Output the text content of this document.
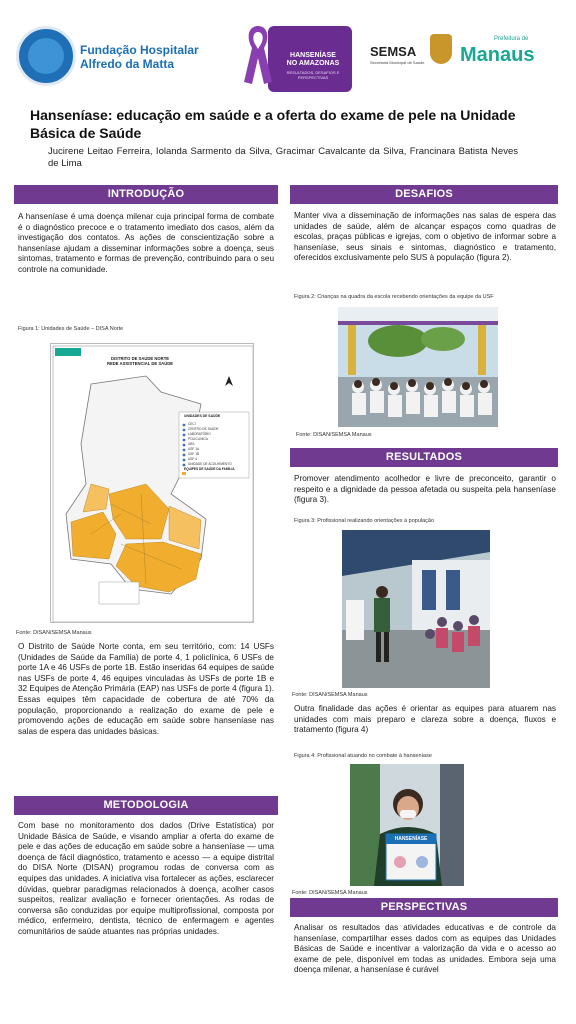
Fundação Hospitalar
Alfredo da Matta
HANSENÍASE
NO AMAZONAS
RESULTADOS, DESAFIOS E PERSPECTIVAS
SEMSA
Secretaria Municipal de Saúde
Prefeitura de
Manaus
Hanseníase: educação em saúde e a oferta do exame de pele na Unidade Básica de Saúde
Jucirene Leitao Ferreira, Iolanda Sarmento da Silva, Gracimar Cavalcante da Silva, Francinara Batista Neves de Lima
INTRODUÇÃO
A hanseníase é uma doença milenar cuja principal forma de combate é o diagnóstico precoce e o tratamento imediato dos casos, além da investigação dos contatos. As ações de conscientização sobre a hanseníase ajudam a disseminar informações sobre a doença, seus sintomas, tratamento e formas de prevenção, contribuindo para o seu controle na comunidade.
Figura 1: Unidades de Saúde – DISA Norte
DISTRITO DE SAÚDE NORTE
REDE ASSISTENCIAL DE SAÚDE
UNIDADES DE SAÚDE
CECI
CENTRO DE SAÚDE
LABORATÓRIO
POLICLÍNICA
UBS
USF 1A
USF 1B
USF 4
UNIDADE DE ACOLHIMENTO
EQUIPES DE SAÚDE DA FAMÍLIA
Fonte: DISAN/SEMSA Manaus
O Distrito de Saúde Norte conta, em seu território, com: 14 USFs (Unidades de Saúde da Família) de porte 4, 1 policlínica, 6 USFs de porte 1A e 46 USFs de porte 1B. Estão inseridas 64 equipes de saúde nas USFs de porte 4, 46 equipes vinculadas às USFs de porte 1B e 32 Equipes de Atenção Primária (EAP) nas USFs de porte 4 (figura 1). Essas equipes têm capacidade de cobertura de até 70% da população, proporcionando a realização do exame de pele e promovendo ações de educação em saúde sobre hanseníase nas salas de espera das unidades básicas.
METODOLOGIA
Com base no monitoramento dos dados (Drive Estatística) por Unidade Básica de Saúde, e visando ampliar a oferta do exame de pele e das ações de educação em saúde sobre a hanseníase — uma doença de fácil diagnóstico, tratamento e acesso — a equipe distrital do DISA Norte (DISAN) programou rodas de conversa com as equipes das unidades. A iniciativa visa fortalecer as ações, esclarecer dúvidas, quebrar paradigmas relacionados à doença, acolher casos suspeitos, realizar avaliação e fornecer orientações. As rodas de conversa são conduzidas por equipe multiprofissional, composta por médico, enfermeiro, dentista, técnico de enfermagem e agentes comunitários de saúde atuantes nas próprias unidades.
DESAFIOS
Manter viva a disseminação de informações nas salas de espera das unidades de saúde, além de alcançar espaços como quadras de escolas, praças públicas e igrejas, com o objetivo de informar sobre a hanseníase, seus sinais e sintomas, diagnóstico e tratamento, oferecidos exclusivamente pelo SUS à população (figura 2).
Figura 2: Crianças na quadra da escola recebendo orientações da equipe da USF
Fonte: DISAN/SEMSA Manaus
RESULTADOS
Promover atendimento acolhedor e livre de preconceito, garantir o respeito e a dignidade da pessoa afetada ou suspeita pela hanseníase (figura 3).
Figura 3: Profissional realizando orientações à população
Fonte: DISAN/SEMSA Manaus
Outra finalidade das ações é orientar as equipes para atuarem nas unidades com mais preparo e clareza sobre a doença, fluxos e tratamento (figura 4)
Figura 4: Profissional atuando no combate à hanseníase
HANSENÍASE
Fonte: DISAN/SEMSA Manaus
PERSPECTIVAS
Analisar os resultados das atividades educativas e de controle da hanseníase, compartilhar esses dados com as equipes das Unidades Básicas de Saúde e incentivar a valorização da vida e o acesso ao exame de pele, disponível em todas as unidades. Embora seja uma doença milenar, a hanseníase é curável
